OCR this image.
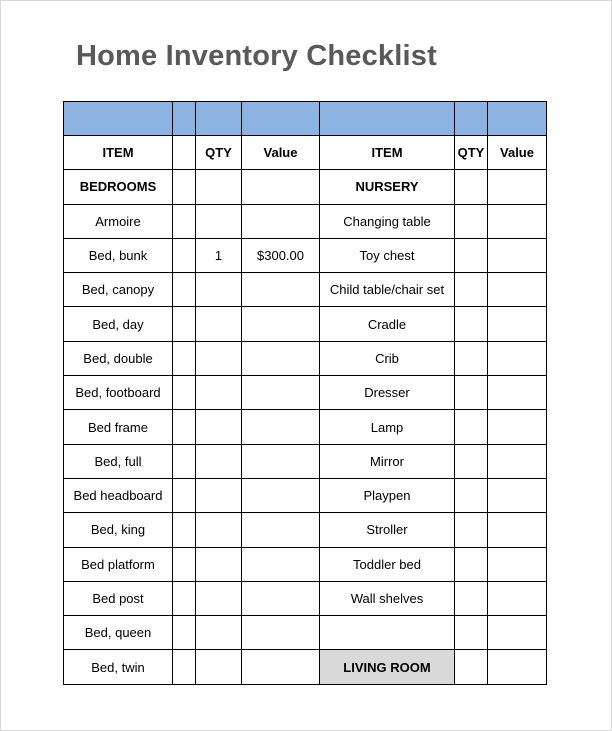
Home Inventory Checklist

ITEM		QTY	Value	ITEM	QTY	Value
BEDROOMS				NURSERY		
Armoire				Changing table		
Bed, bunk		1	$300.00	Toy chest		
Bed, canopy				Child table/chair set		
Bed, day				Cradle		
Bed, double				Crib		
Bed, footboard				Dresser		
Bed frame				Lamp		
Bed, full				Mirror		
Bed headboard				Playpen		
Bed, king				Stroller		
Bed platform				Toddler bed		
Bed post				Wall shelves		
Bed, queen						
Bed, twin				LIVING ROOM		
